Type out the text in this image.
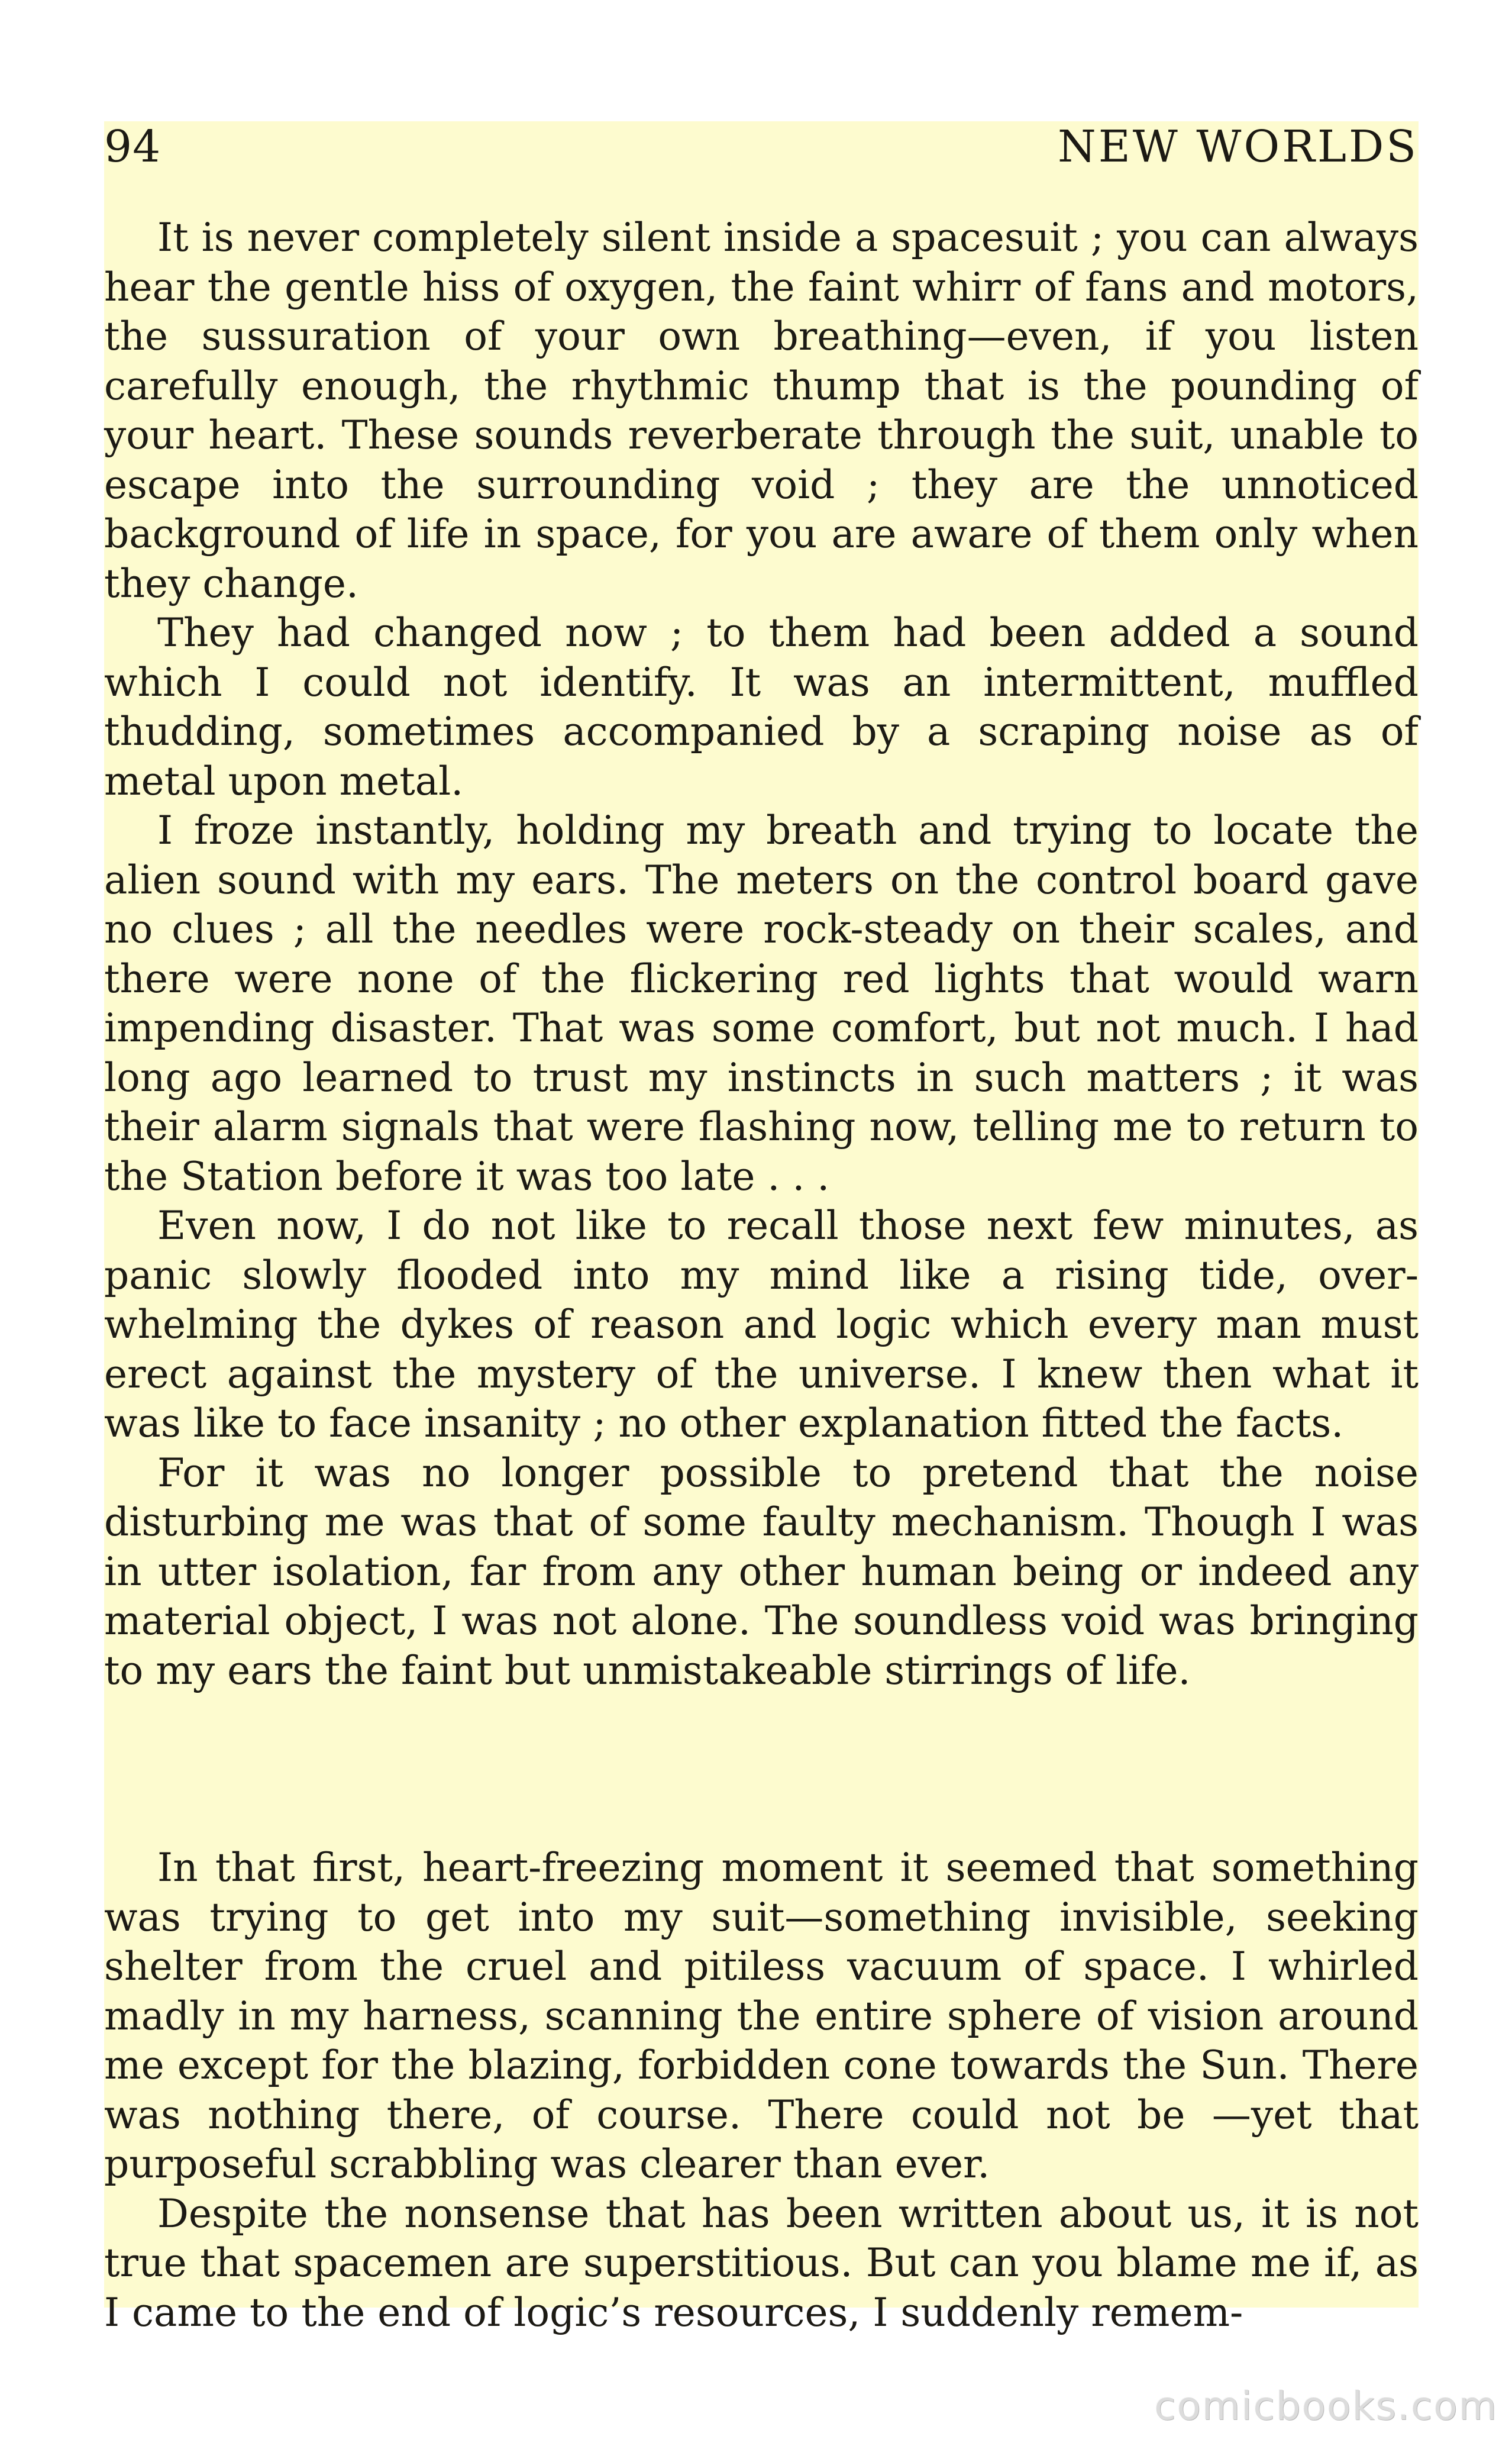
94	NEW WORLDS

It is never completely silent inside a spacesuit ; you can always hear the gentle hiss of oxygen, the faint whirr of fans and motors, the sussuration of your own breathing—even, if you listen carefully enough, the rhythmic thump that is the pounding of your heart. These sounds reverberate through the suit, unable to escape into the surrounding void ; they are the unnoticed background of life in space, for you are aware of them only when they change.

They had changed now ; to them had been added a sound which I could not identify. It was an intermittent, muffled thudding, sometimes accompanied by a scraping noise as of metal upon metal.

I froze instantly, holding my breath and trying to locate the alien sound with my ears. The meters on the control board gave no clues ; all the needles were rock-steady on their scales, and there were none of the flickering red lights that would warn impending disaster. That was some comfort, but not much. I had long ago learned to trust my instincts in such matters ; it was their alarm signals that were flashing now, telling me to return to the Station before it was too late . . .

Even now, I do not like to recall those next few minutes, as panic slowly flooded into my mind like a rising tide, over-whelming the dykes of reason and logic which every man must erect against the mystery of the universe. I knew then what it was like to face insanity ; no other explanation fitted the facts.

For it was no longer possible to pretend that the noise disturbing me was that of some faulty mechanism. Though I was in utter isolation, far from any other human being or indeed any material object, I was not alone. The soundless void was bringing to my ears the faint but unmistakeable stirrings of life.

In that first, heart-freezing moment it seemed that something was trying to get into my suit—something invisible, seeking shelter from the cruel and pitiless vacuum of space. I whirled madly in my harness, scanning the entire sphere of vision around me except for the blazing, forbidden cone towards the Sun. There was nothing there, of course. There could not be —yet that purposeful scrabbling was clearer than ever.

Despite the nonsense that has been written about us, it is not true that spacemen are superstitious. But can you blame me if, as I came to the end of logic’s resources, I suddenly remem-

comicbooks.com
